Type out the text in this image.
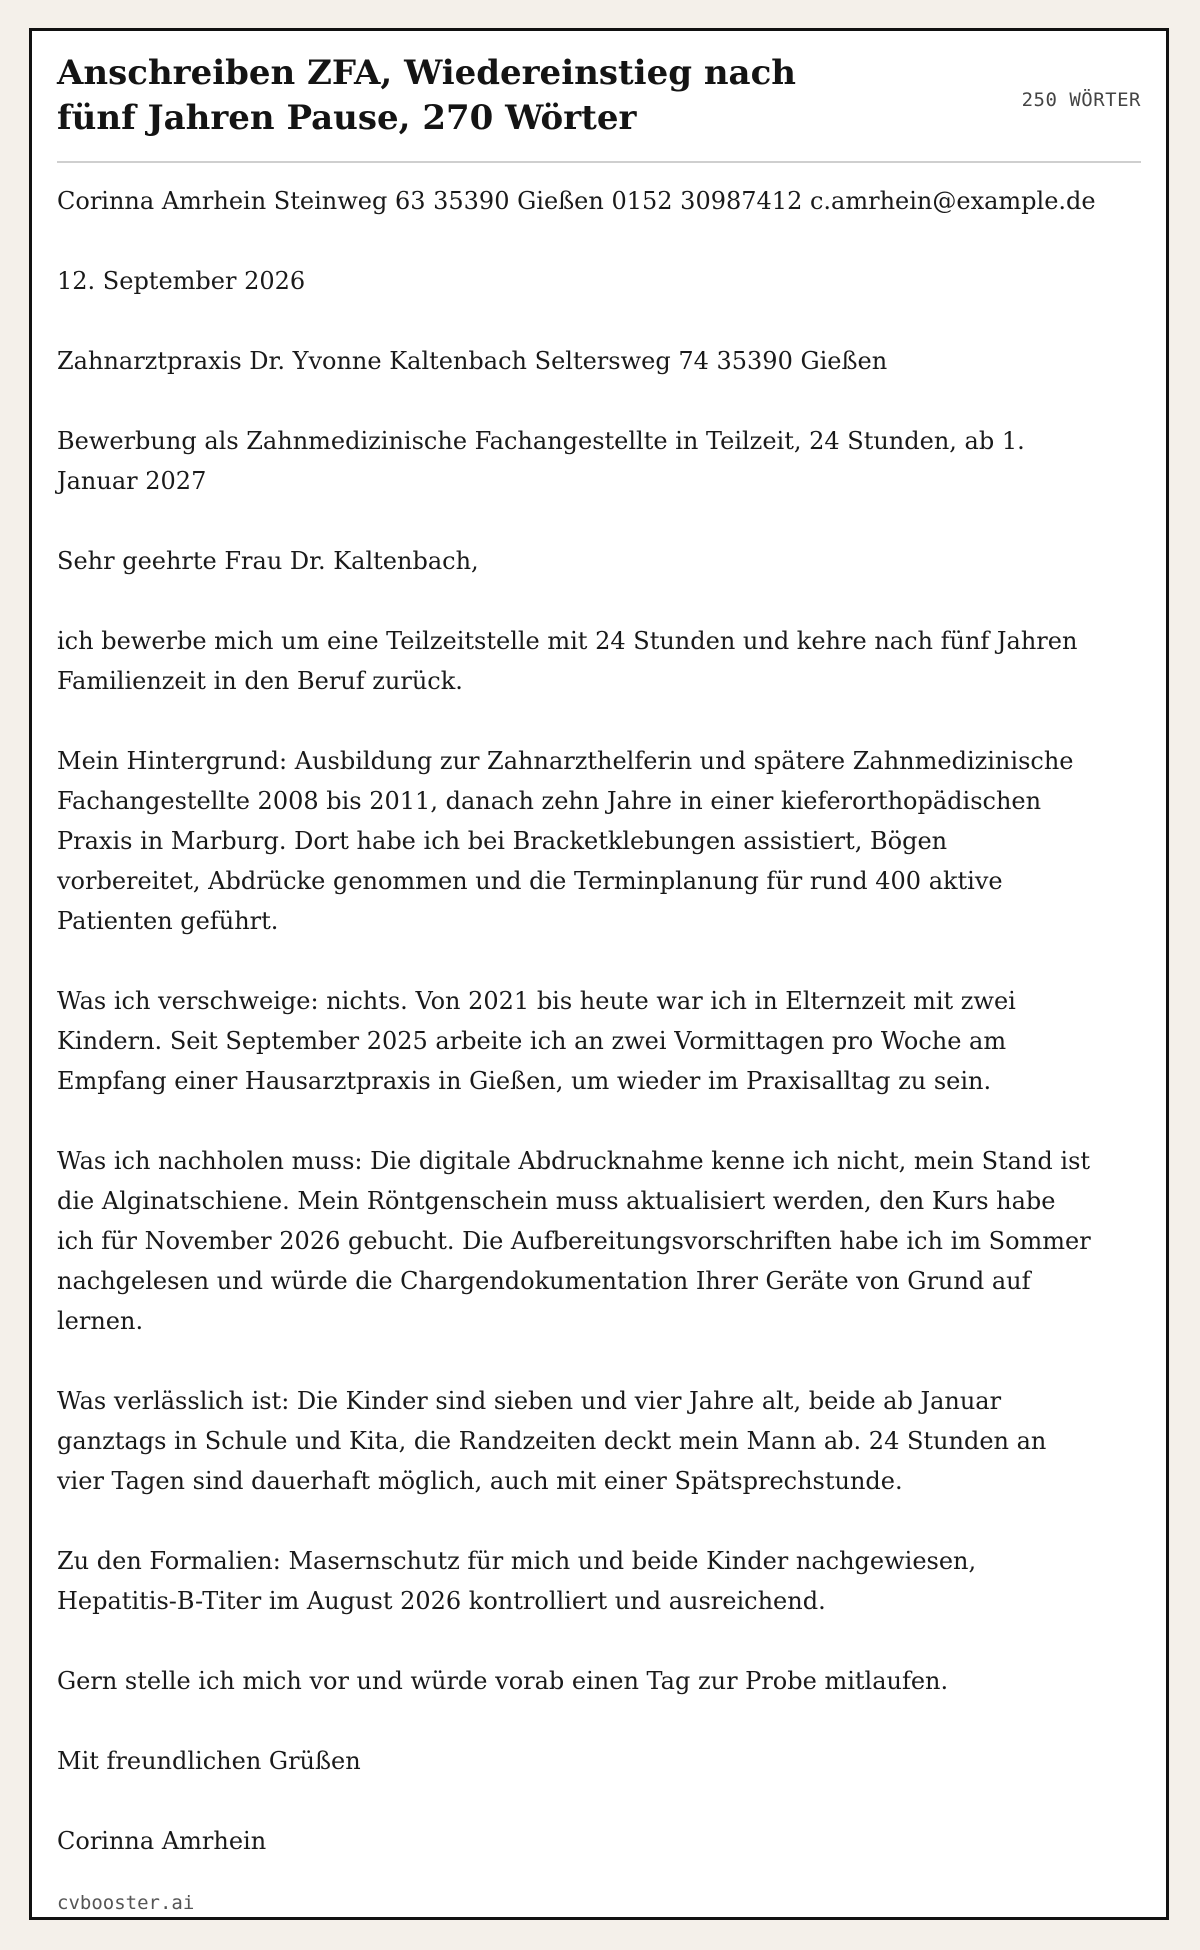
Anschreiben ZFA, Wiedereinstieg nach fünf Jahren Pause, 270 Wörter	250 WÖRTER

Corinna Amrhein Steinweg 63 35390 Gießen 0152 30987412 c.amrhein@example.de

12. September 2026

Zahnarztpraxis Dr. Yvonne Kaltenbach Seltersweg 74 35390 Gießen

Bewerbung als Zahnmedizinische Fachangestellte in Teilzeit, 24 Stunden, ab 1. Januar 2027

Sehr geehrte Frau Dr. Kaltenbach,

ich bewerbe mich um eine Teilzeitstelle mit 24 Stunden und kehre nach fünf Jahren Familienzeit in den Beruf zurück.

Mein Hintergrund: Ausbildung zur Zahnarzthelferin und spätere Zahnmedizinische Fachangestellte 2008 bis 2011, danach zehn Jahre in einer kieferorthopädischen Praxis in Marburg. Dort habe ich bei Bracketklebungen assistiert, Bögen vorbereitet, Abdrücke genommen und die Terminplanung für rund 400 aktive Patienten geführt.

Was ich verschweige: nichts. Von 2021 bis heute war ich in Elternzeit mit zwei Kindern. Seit September 2025 arbeite ich an zwei Vormittagen pro Woche am Empfang einer Hausarztpraxis in Gießen, um wieder im Praxisalltag zu sein.

Was ich nachholen muss: Die digitale Abdrucknahme kenne ich nicht, mein Stand ist die Alginatschiene. Mein Röntgenschein muss aktualisiert werden, den Kurs habe ich für November 2026 gebucht. Die Aufbereitungsvorschriften habe ich im Sommer nachgelesen und würde die Chargendokumentation Ihrer Geräte von Grund auf lernen.

Was verlässlich ist: Die Kinder sind sieben und vier Jahre alt, beide ab Januar ganztags in Schule und Kita, die Randzeiten deckt mein Mann ab. 24 Stunden an vier Tagen sind dauerhaft möglich, auch mit einer Spätsprechstunde.

Zu den Formalien: Masernschutz für mich und beide Kinder nachgewiesen, Hepatitis-B-Titer im August 2026 kontrolliert und ausreichend.

Gern stelle ich mich vor und würde vorab einen Tag zur Probe mitlaufen.

Mit freundlichen Grüßen

Corinna Amrhein

cvbooster.ai
